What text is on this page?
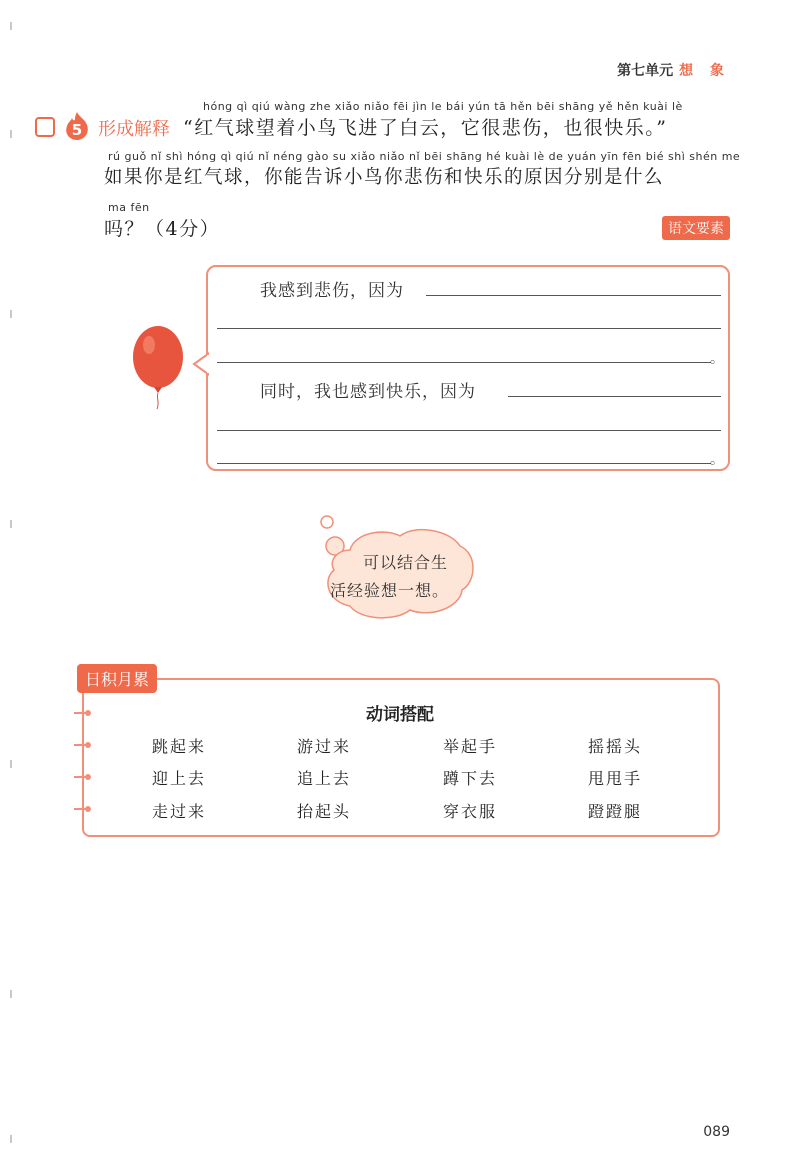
第七单元 想 象
5 形成解释
hóng qì qiú wàng zhe xiǎo niǎo fēi jìn le bái yún tā hěn bēi shāng yě hěn kuài lè
“红气球望着小鸟飞进了白云，它很悲伤，也很快乐。”
rú guǒ nǐ shì hóng qì qiú nǐ néng gào su xiǎo niǎo nǐ bēi shāng hé kuài lè de yuán yīn fēn bié shì shén me
如果你是红气球，你能告诉小鸟你悲伤和快乐的原因分别是什么
ma fēn
吗？（4分）	语文要素
我感到悲伤，因为
。
同时，我也感到快乐，因为
。
可以结合生
活经验想一想。
日积月累
动词搭配
跳起来	游过来	举起手	摇摇头
迎上去	追上去	蹲下去	甩甩手
走过来	抬起头	穿衣服	蹬蹬腿
089
